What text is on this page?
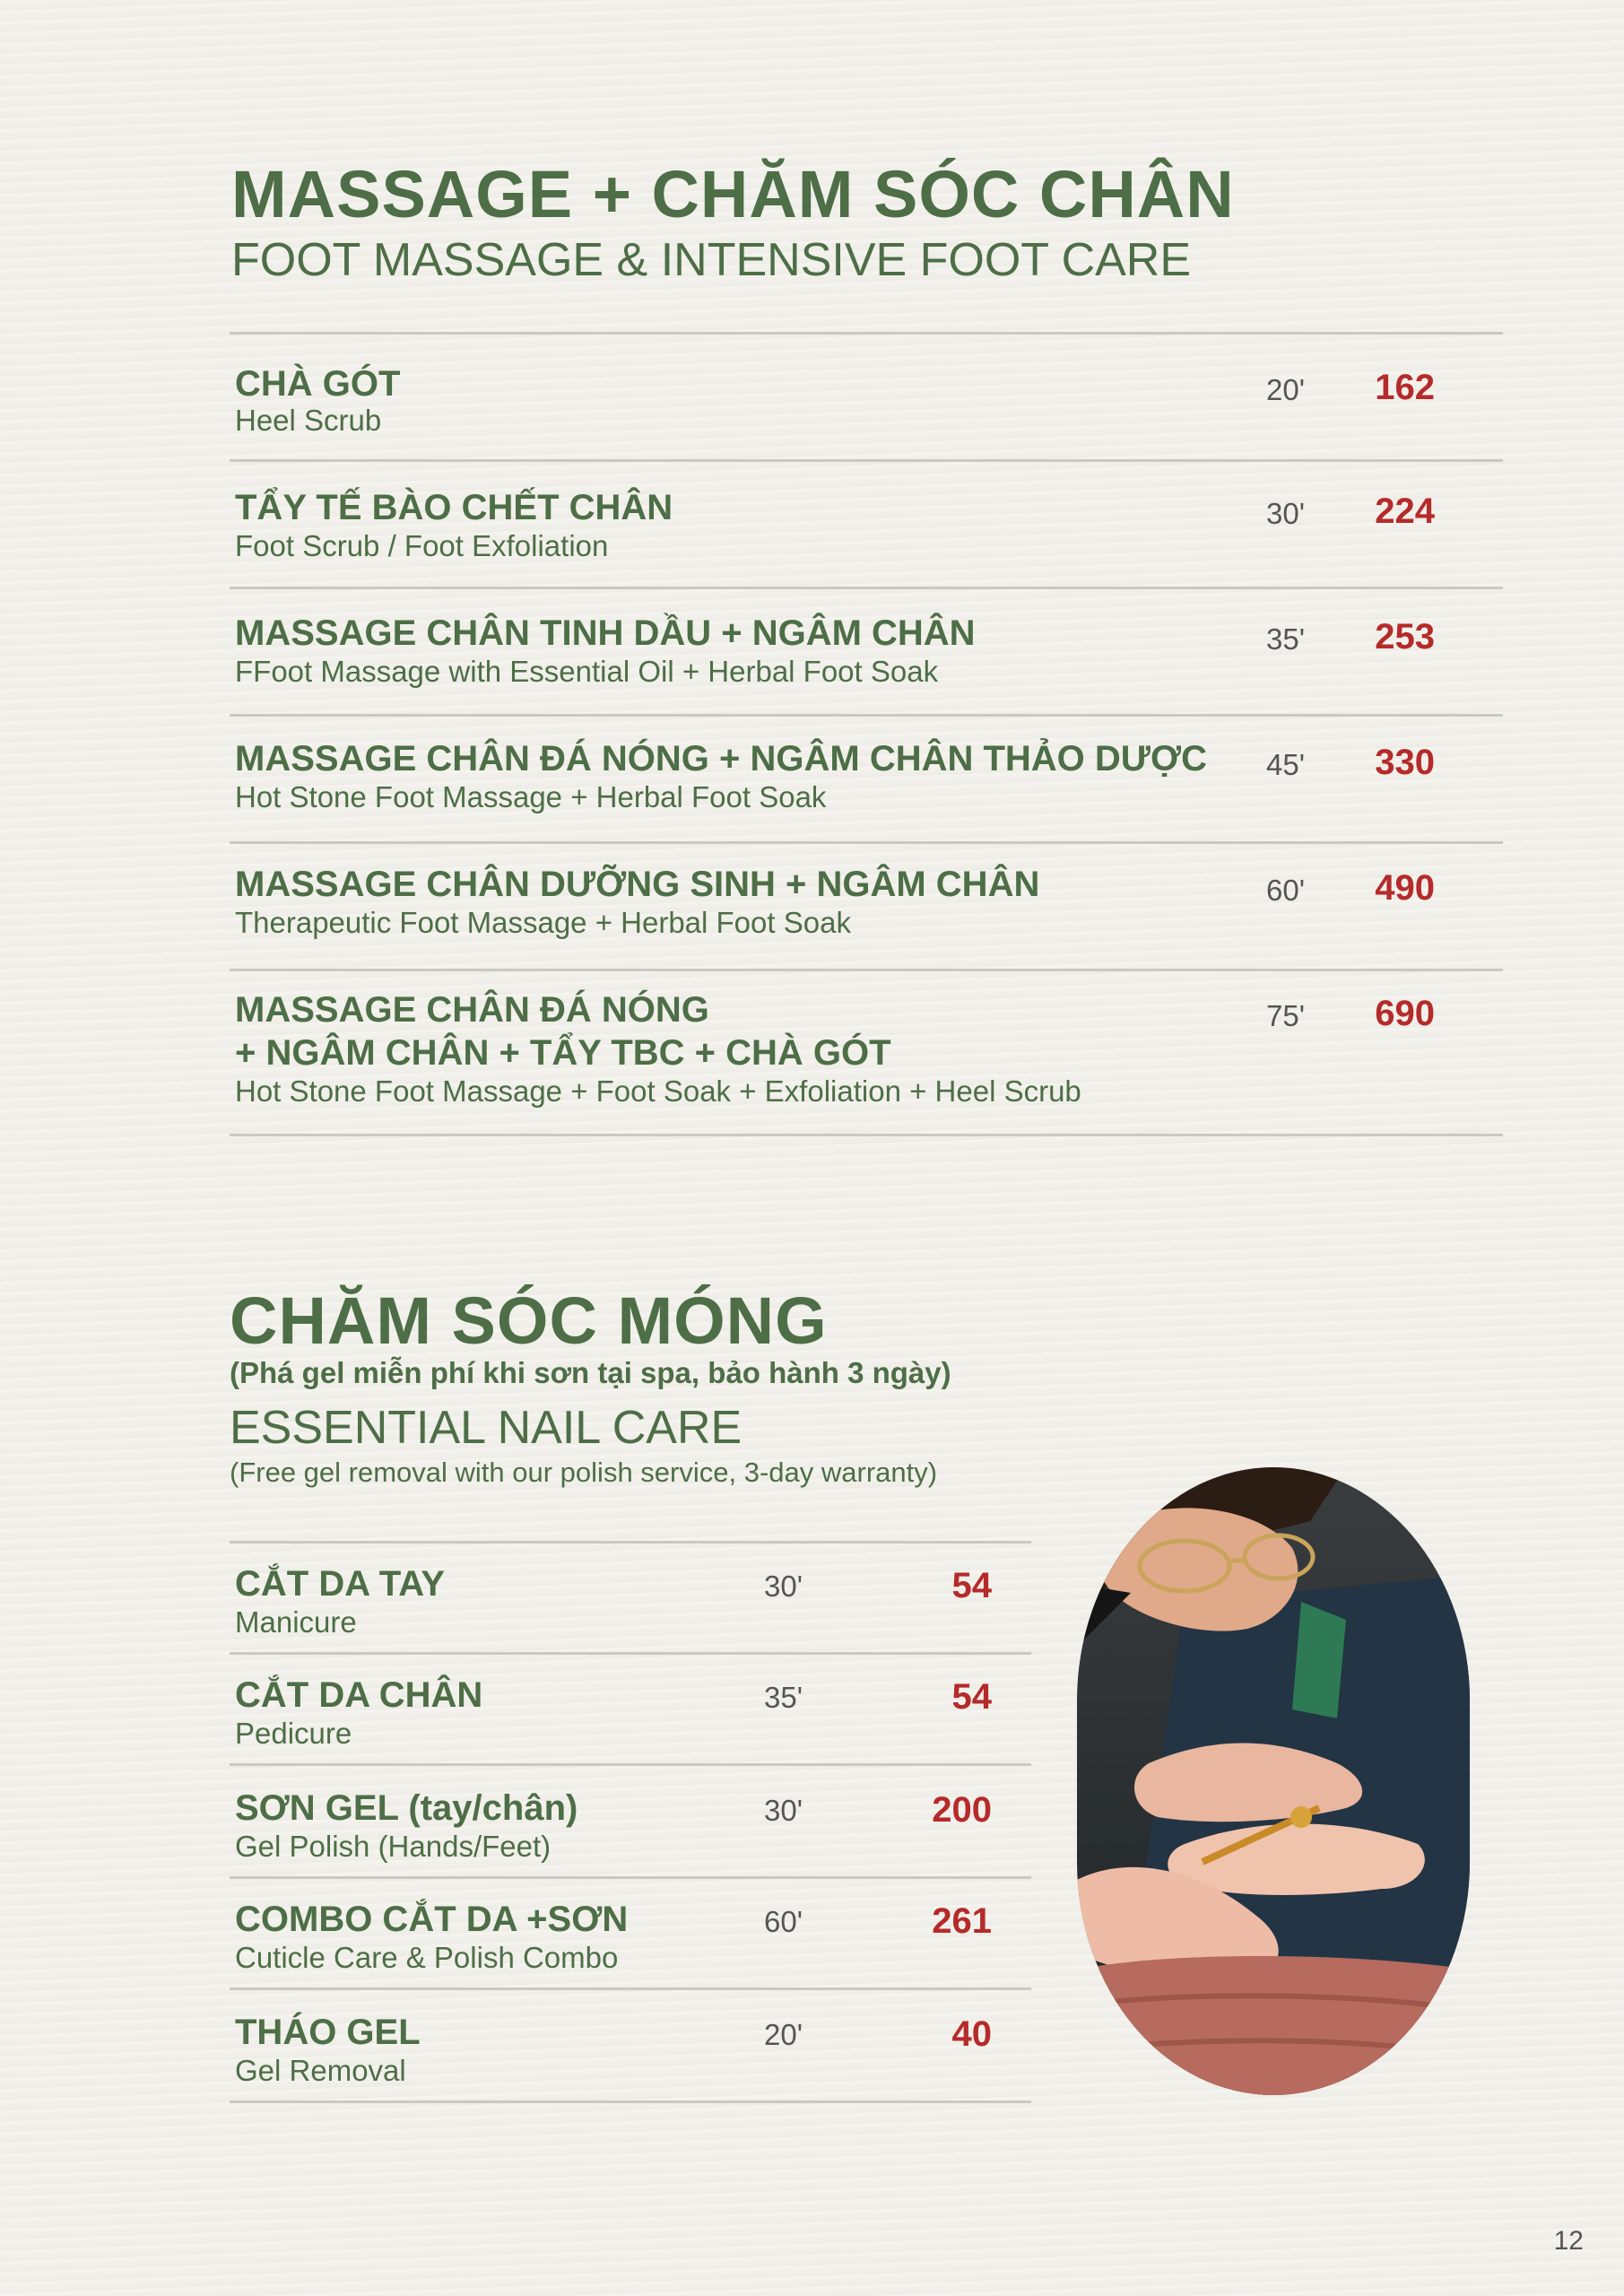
MASSAGE + CHĂM SÓC CHÂN
FOOT MASSAGE & INTENSIVE FOOT CARE
CHÀ GÓT
Heel Scrub
20'	162
TẨY TẾ BÀO CHẾT CHÂN
Foot Scrub / Foot Exfoliation
30'	224
MASSAGE CHÂN TINH DẦU + NGÂM CHÂN
FFoot Massage with Essential Oil + Herbal Foot Soak
35'	253
MASSAGE CHÂN ĐÁ NÓNG + NGÂM CHÂN THẢO DƯỢC
Hot Stone Foot Massage + Herbal Foot Soak
45'	330
MASSAGE CHÂN DƯỠNG SINH + NGÂM CHÂN
Therapeutic Foot Massage + Herbal Foot Soak
60'	490
MASSAGE CHÂN ĐÁ NÓNG
+ NGÂM CHÂN + TẨY TBC + CHÀ GÓT
Hot Stone Foot Massage + Foot Soak + Exfoliation + Heel Scrub
75'	690
CHĂM SÓC MÓNG
(Phá gel miễn phí khi sơn tại spa, bảo hành 3 ngày)
ESSENTIAL NAIL CARE
(Free gel removal with our polish service, 3-day warranty)
CẮT DA TAY
Manicure
30'	54
CẮT DA CHÂN
Pedicure
35'	54
SƠN GEL (tay/chân)
Gel Polish (Hands/Feet)
30'	200
COMBO CẮT DA +SƠN
Cuticle Care & Polish Combo
60'	261
THÁO GEL
Gel Removal
20'	40
12
